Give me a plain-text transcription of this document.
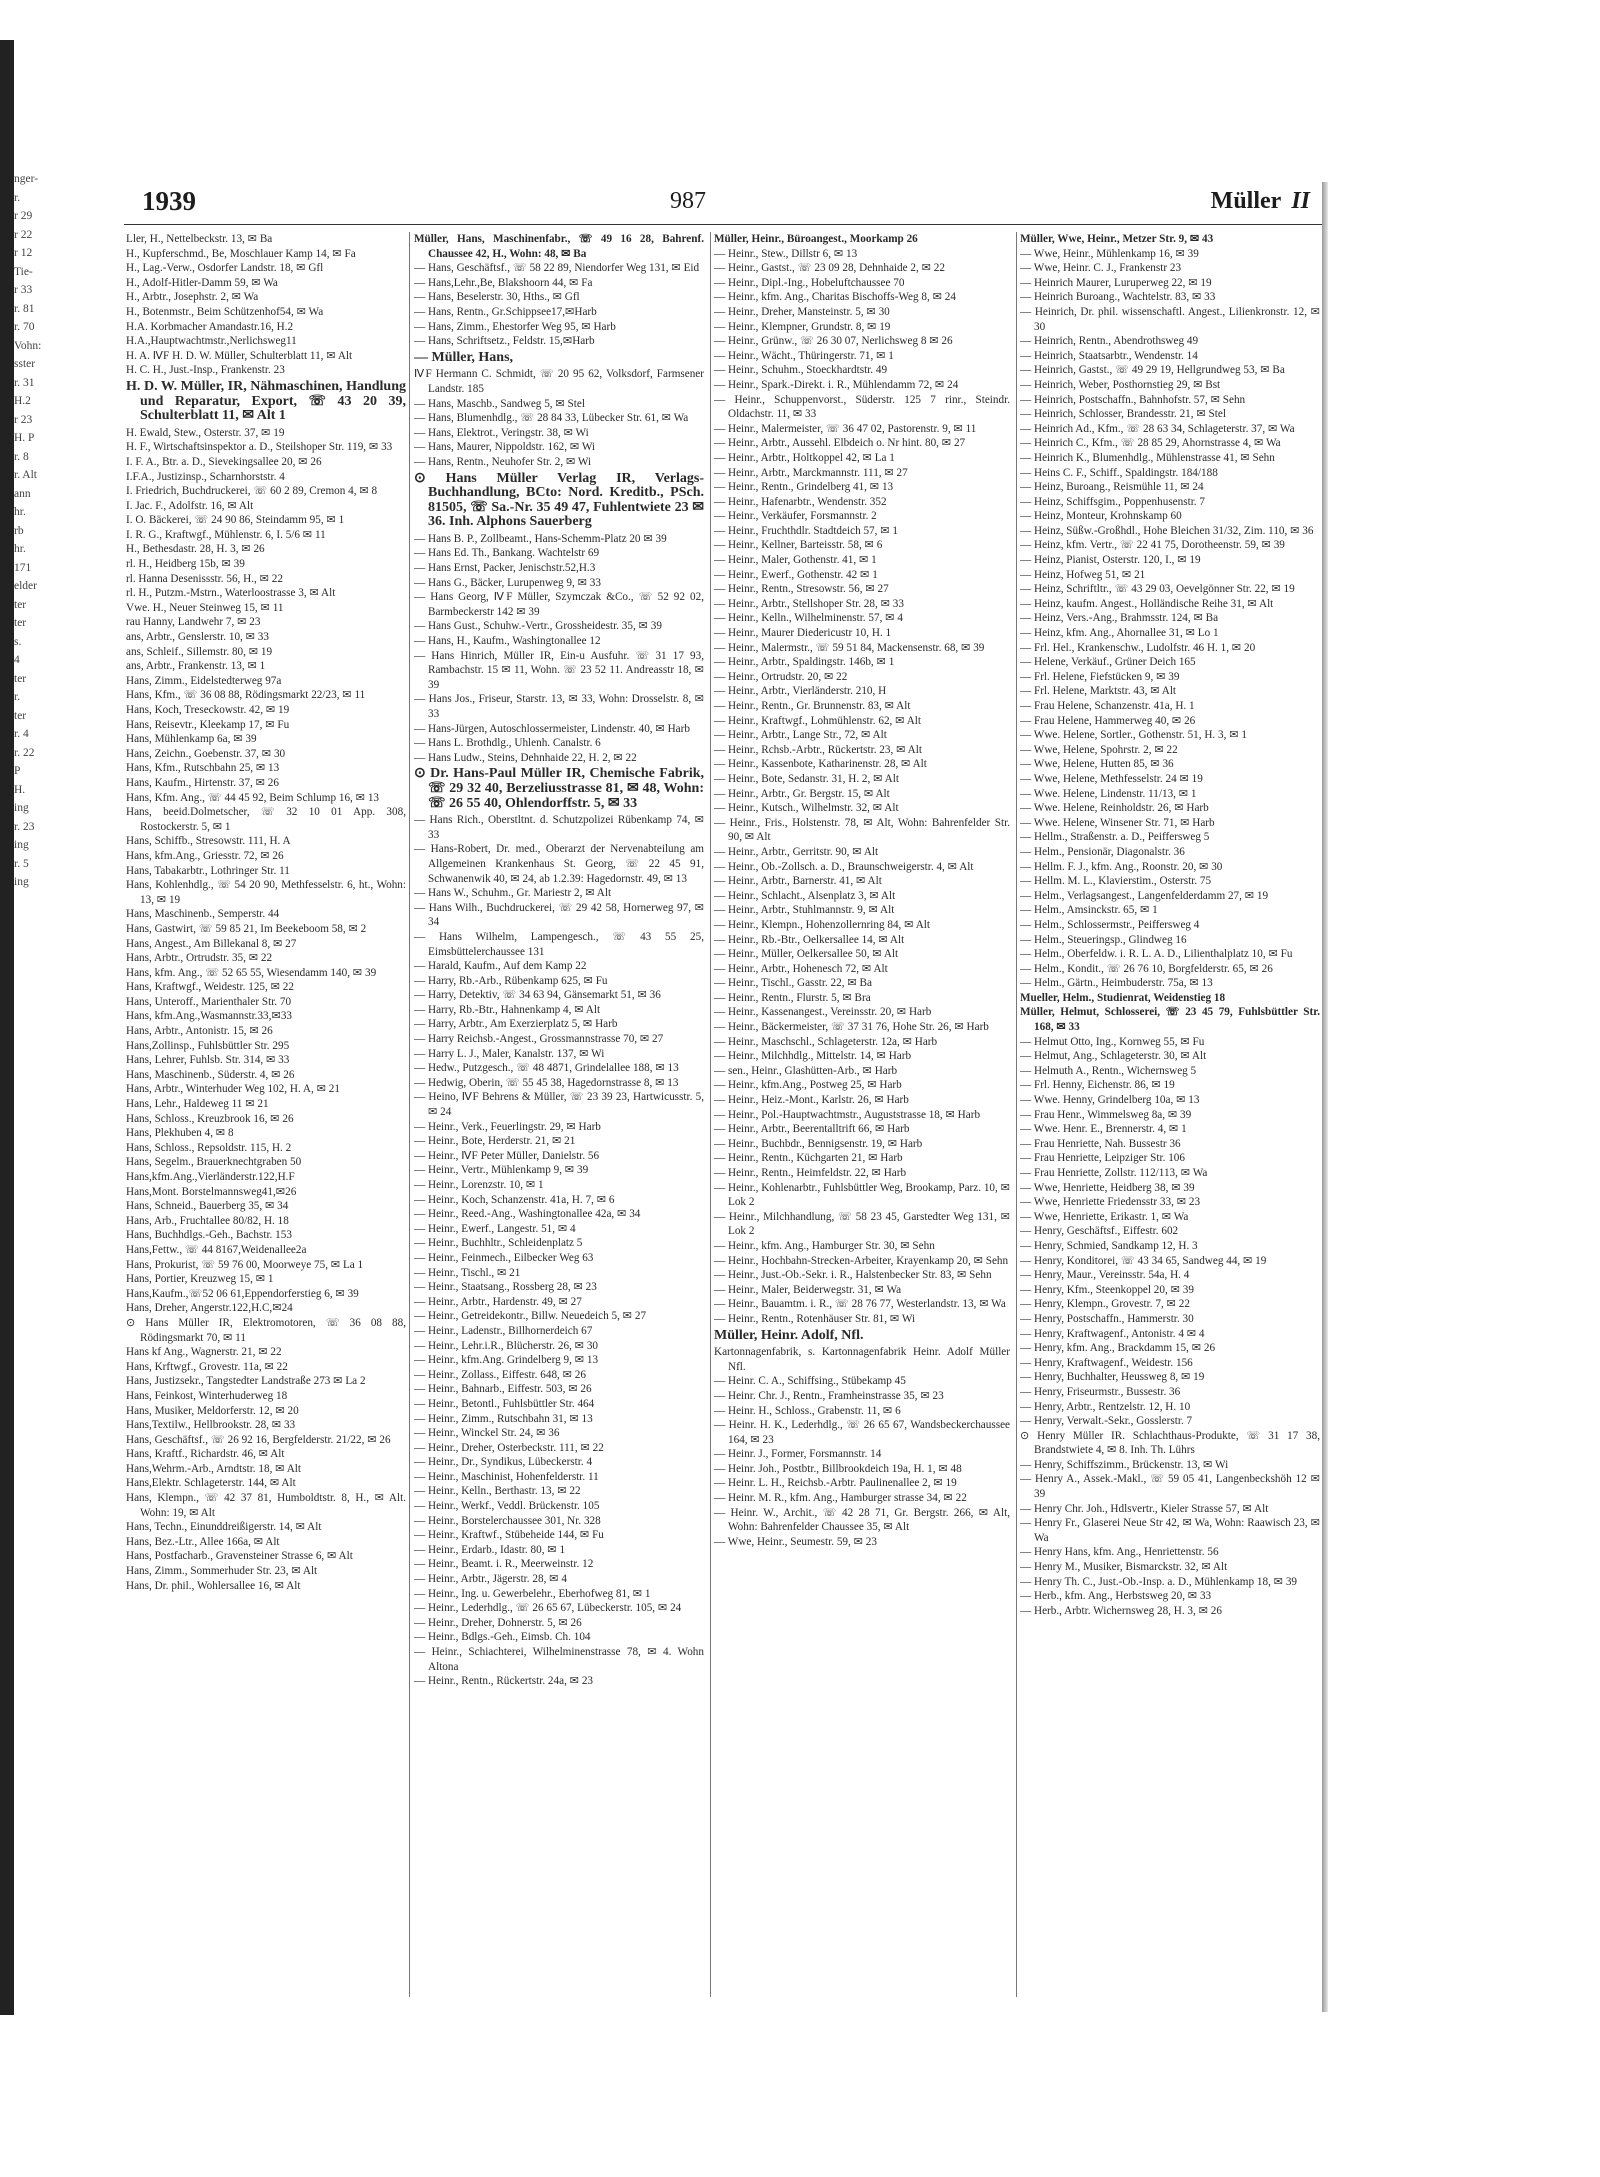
nger-
r.
r 29
r 22
r 12
Tie-
r 33
r. 81
r. 70
Vohn:
sster
r. 31
H.2
r 23
H. P
r. 8
r. Alt
ann
hr.
rb
hr.
171
elder
ter
ter
s.
4
ter
r.
ter
r. 4
r. 22
P
H.
ing
r. 23
ing
r. 5
ing
1939	987	Müller II
Ller, H., Nettelbeckstr. 13, ✉ Ba
H., Kupferschmd., Be, Moschlauer Kamp 14, ✉ Fa
H., Lag.-Verw., Osdorfer Landstr. 18, ✉ Gfl
H., Adolf-Hitler-Damm 59, ✉ Wa
H., Arbtr., Josephstr. 2, ✉ Wa
H., Botenmstr., Beim Schützenhof54, ✉ Wa
H.A. Korbmacher Amandastr.16, H.2
H.A.,Hauptwachtmstr.,Nerlichsweg11
H. A. ⅣF H. D. W. Müller, Schulterblatt 11, ✉ Alt
H. C. H., Just.-Insp., Frankenstr. 23
H. D. W. Müller, IR, Nähmaschinen, Handlung und Reparatur, Export, ☏ 43 20 39, Schulterblatt 11, ✉ Alt 1
H. Ewald, Stew., Osterstr. 37, ✉ 19
H. F., Wirtschaftsinspektor a. D., Steilshoper Str. 119, ✉ 33
I. F. A., Btr. a. D., Sievekingsallee 20, ✉ 26
I.F.A., Justizinsp., Scharnhorststr. 4
I. Friedrich, Buchdruckerei, ☏ 60 2 89, Cremon 4, ✉ 8
I. Jac. F., Adolfstr. 16, ✉ Alt
I. O. Bäckerei, ☏ 24 90 86, Steindamm 95, ✉ 1
I. R. G., Kraftwgf., Mühlenstr. 6, I. 5/6 ✉ 11
H., Bethesdastr. 28, H. 3, ✉ 26
rl. H., Heidberg 15b, ✉ 39
rl. Hanna Desenissstr. 56, H., ✉ 22
rl. H., Putzm.-Mstrn., Waterloostrasse 3, ✉ Alt
Vwe. H., Neuer Steinweg 15, ✉ 11
rau Hanny, Landwehr 7, ✉ 23
ans, Arbtr., Genslerstr. 10, ✉ 33
ans, Schleif., Sillemstr. 80, ✉ 19
ans, Arbtr., Frankenstr. 13, ✉ 1
Hans, Zimm., Eidelstedterweg 97a
Hans, Kfm., ☏ 36 08 88, Rödingsmarkt 22/23, ✉ 11
Hans, Koch, Treseckowstr. 42, ✉ 19
Hans, Reisevtr., Kleekamp 17, ✉ Fu
Hans, Mühlenkamp 6a, ✉ 39
Hans, Zeichn., Goebenstr. 37, ✉ 30
Hans, Kfm., Rutschbahn 25, ✉ 13
Hans, Kaufm., Hirtenstr. 37, ✉ 26
Hans, Kfm. Ang., ☏ 44 45 92, Beim Schlump 16, ✉ 13
Hans, beeid.Dolmetscher, ☏ 32 10 01 App. 308, Rostockerstr. 5, ✉ 1
Hans, Schiffb., Stresowstr. 111, H. A
Hans, kfm.Ang., Griesstr. 72, ✉ 26
Hans, Tabakarbtr., Lothringer Str. 11
Hans, Kohlenhdlg., ☏ 54 20 90, Methfesselstr. 6, ht., Wohn: 13, ✉ 19
Hans, Maschinenb., Semperstr. 44
Hans, Gastwirt, ☏ 59 85 21, Im Beekeboom 58, ✉ 2
Hans, Angest., Am Billekanal 8, ✉ 27
Hans, Arbtr., Ortrudstr. 35, ✉ 22
Hans, kfm. Ang., ☏ 52 65 55, Wiesendamm 140, ✉ 39
Hans, Kraftwgf., Weidestr. 125, ✉ 22
Hans, Unteroff., Marienthaler Str. 70
Hans, kfm.Ang.,Wasmannstr.33,✉33
Hans, Arbtr., Antonistr. 15, ✉ 26
Hans,Zollinsp., Fuhlsbüttler Str. 295
Hans, Lehrer, Fuhlsb. Str. 314, ✉ 33
Hans, Maschinenb., Süderstr. 4, ✉ 26
Hans, Arbtr., Winterhuder Weg 102, H. A, ✉ 21
Hans, Lehr., Haldeweg 11 ✉ 21
Hans, Schloss., Kreuzbrook 16, ✉ 26
Hans, Plekhuben 4, ✉ 8
Hans, Schloss., Repsoldstr. 115, H. 2
Hans, Segelm., Brauerknechtgraben 50
Hans,kfm.Ang.,Vierländerstr.122,H.F
Hans,Mont. Borstelmannsweg41,✉26
Hans, Schneid., Bauerberg 35, ✉ 34
Hans, Arb., Fruchtallee 80/82, H. 18
Hans, Buchhdlgs.-Geh., Bachstr. 153
Hans,Fettw., ☏ 44 8167,Weidenallee2a
Hans, Prokurist, ☏ 59 76 00, Moorweye 75, ✉ La 1
Hans, Portier, Kreuzweg 15, ✉ 1
Hans,Kaufm.,☏52 06 61,Eppendorferstieg 6, ✉ 39
Hans, Dreher, Angerstr.122,H.C,✉24
⊙ Hans Müller IR, Elektromotoren, ☏ 36 08 88, Rödingsmarkt 70, ✉ 11
Hans kf Ang., Wagnerstr. 21, ✉ 22
Hans, Krftwgf., Grovestr. 11a, ✉ 22
Hans, Justizsekr., Tangstedter Landstraße 273 ✉ La 2
Hans, Feinkost, Winterhuderweg 18
Hans, Musiker, Meldorferstr. 12, ✉ 20
Hans,Textilw., Hellbrookstr. 28, ✉ 33
Hans, Geschäftsf., ☏ 26 92 16, Bergfelderstr. 21/22, ✉ 26
Hans, Kraftf., Richardstr. 46, ✉ Alt
Hans,Wehrm.-Arb., Arndtstr. 18, ✉ Alt
Hans,Elektr. Schlageterstr. 144, ✉ Alt
Hans, Klempn., ☏ 42 37 81, Humboldtstr. 8, H., ✉ Alt. Wohn: 19, ✉ Alt
Hans, Techn., Einunddreißigerstr. 14, ✉ Alt
Hans, Bez.-Ltr., Allee 166a, ✉ Alt
Hans, Postfacharb., Gravensteiner Strasse 6, ✉ Alt
Hans, Zimm., Sommerhuder Str. 23, ✉ Alt
Hans, Dr. phil., Wohlersallee 16, ✉ Alt
Müller, Hans, Maschinenfabr., ☏ 49 16 28, Bahrenf. Chaussee 42, H., Wohn: 48, ✉ Ba
— Hans, Geschäftsf., ☏ 58 22 89, Niendorfer Weg 131, ✉ Eid
— Hans,Lehr.,Be, Blakshoorn 44, ✉ Fa
— Hans, Beselerstr. 30, Hths., ✉ Gfl
— Hans, Rentn., Gr.Schippsee17,✉Harb
— Hans, Zimm., Ehestorfer Weg 95, ✉ Harb
— Hans, Schriftsetz., Feldstr. 15,✉Harb
— Müller, Hans,
ⅣF Hermann C. Schmidt, ☏ 20 95 62, Volksdorf, Farmsener Landstr. 185
— Hans, Maschb., Sandweg 5, ✉ Stel
— Hans, Blumenhdlg., ☏ 28 84 33, Lübecker Str. 61, ✉ Wa
— Hans, Elektrot., Veringstr. 38, ✉ Wi
— Hans, Maurer, Nippoldstr. 162, ✉ Wi
— Hans, Rentn., Neuhofer Str. 2, ✉ Wi
⊙ Hans Müller Verlag IR, Verlags-Buchhandlung, BCto: Nord. Kreditb., PSch. 81505, ☏ Sa.-Nr. 35 49 47, Fuhlentwiete 23 ✉ 36. Inh. Alphons Sauerberg
— Hans B. P., Zollbeamt., Hans-Schemm-Platz 20 ✉ 39
— Hans Ed. Th., Bankang. Wachtelstr 69
— Hans Ernst, Packer, Jenischstr.52,H.3
— Hans G., Bäcker, Lurupenweg 9, ✉ 33
— Hans Georg, ⅣF Müller, Szymczak &Co., ☏ 52 92 02, Barmbeckerstr 142 ✉ 39
— Hans Gust., Schuhw.-Vertr., Grossheidestr. 35, ✉ 39
— Hans, H., Kaufm., Washingtonallee 12
— Hans Hinrich, Müller IR, Ein-u Ausfuhr. ☏ 31 17 93, Rambachstr. 15 ✉ 11, Wohn. ☏ 23 52 11. Andreasstr 18, ✉ 39
— Hans Jos., Friseur, Starstr. 13, ✉ 33, Wohn: Drosselstr. 8, ✉ 33
— Hans-Jürgen, Autoschlossermeister, Lindenstr. 40, ✉ Harb
— Hans L. Brothdlg., Uhlenh. Canalstr. 6
— Hans Ludw., Steins, Dehnhaide 22, H. 2, ✉ 22
⊙ Dr. Hans-Paul Müller IR, Chemische Fabrik, ☏ 29 32 40, Berzeliusstrasse 81, ✉ 48, Wohn: ☏ 26 55 40, Ohlendorffstr. 5, ✉ 33
— Hans Rich., Oberstltnt. d. Schutzpolizei Rübenkamp 74, ✉ 33
— Hans-Robert, Dr. med., Oberarzt der Nervenabteilung am Allgemeinen Krankenhaus St. Georg, ☏ 22 45 91, Schwanenwik 40, ✉ 24, ab 1.2.39: Hagedornstr. 49, ✉ 13
— Hans W., Schuhm., Gr. Mariestr 2, ✉ Alt
— Hans Wilh., Buchdruckerei, ☏ 29 42 58, Hornerweg 97, ✉ 34
— Hans Wilhelm, Lampengesch., ☏ 43 55 25, Eimsbüttelerchaussee 131
— Harald, Kaufm., Auf dem Kamp 22
— Harry, Rb.-Arb., Rübenkamp 625, ✉ Fu
— Harry, Detektiv, ☏ 34 63 94, Gänsemarkt 51, ✉ 36
— Harry, Rb.-Btr., Hahnenkamp 4, ✉ Alt
— Harry, Arbtr., Am Exerzierplatz 5, ✉ Harb
— Harry Reichsb.-Angest., Grossmannstrasse 70, ✉ 27
— Harry L. J., Maler, Kanalstr. 137, ✉ Wi
— Hedw., Putzgesch., ☏ 48 4871, Grindelallee 188, ✉ 13
— Hedwig, Oberin, ☏ 55 45 38, Hagedornstrasse 8, ✉ 13
— Heino, ⅣF Behrens & Müller, ☏ 23 39 23, Hartwicusstr. 5, ✉ 24
— Heinr., Verk., Feuerlingstr. 29, ✉ Harb
— Heinr., Bote, Herderstr. 21, ✉ 21
— Heinr., ⅣF Peter Müller, Danielstr. 56
— Heinr., Vertr., Mühlenkamp 9, ✉ 39
— Heinr., Lorenzstr. 10, ✉ 1
— Heinr., Koch, Schanzenstr. 41a, H. 7, ✉ 6
— Heinr., Reed.-Ang., Washingtonallee 42a, ✉ 34
— Heinr., Ewerf., Langestr. 51, ✉ 4
— Heinr., Buchhltr., Schleidenplatz 5
— Heinr., Feinmech., Eilbecker Weg 63
— Heinr., Tischl., ✉ 21
— Heinr., Staatsang., Rossberg 28, ✉ 23
— Heinr., Arbtr., Hardenstr. 49, ✉ 27
— Heinr., Getreidekontr., Billw. Neuedeich 5, ✉ 27
— Heinr., Ladenstr., Billhornerdeich 67
— Heinr., Lehr.i.R., Blücherstr. 26, ✉ 30
— Heinr., kfm.Ang. Grindelberg 9, ✉ 13
— Heinr., Zollass., Eiffestr. 648, ✉ 26
— Heinr., Bahnarb., Eiffestr. 503, ✉ 26
— Heinr., Betontl., Fuhlsbüttler Str. 464
— Heinr., Zimm., Rutschbahn 31, ✉ 13
— Heinr., Winckel Str. 24, ✉ 36
— Heinr., Dreher, Osterbeckstr. 111, ✉ 22
— Heinr., Dr., Syndikus, Lübeckerstr. 4
— Heinr., Maschinist, Hohenfelderstr. 11
— Heinr., Kelln., Berthastr. 13, ✉ 22
— Heinr., Werkf., Veddl. Brückenstr. 105
— Heinr., Borstelerchaussee 301, Nr. 328
— Heinr., Kraftwf., Stübeheide 144, ✉ Fu
— Heinr., Erdarb., Idastr. 80, ✉ 1
— Heinr., Beamt. i. R., Meerweinstr. 12
— Heinr., Arbtr., Jägerstr. 28, ✉ 4
— Heinr., Ing. u. Gewerbelehr., Eberhofweg 81, ✉ 1
— Heinr., Lederhdlg., ☏ 26 65 67, Lübeckerstr. 105, ✉ 24
— Heinr., Dreher, Dohnerstr. 5, ✉ 26
— Heinr., Bdlgs.-Geh., Eimsb. Ch. 104
— Heinr., Schiachterei, Wilhelminenstrasse 78, ✉ 4. Wohn Altona
— Heinr., Rentn., Rückertstr. 24a, ✉ 23
Müller, Heinr., Büroangest., Moorkamp 26
— Heinr., Stew., Dillstr 6, ✉ 13
— Heinr., Gastst., ☏ 23 09 28, Dehnhaide 2, ✉ 22
— Heinr., Dipl.-Ing., Hobeluftchaussee 70
— Heinr., kfm. Ang., Charitas Bischoffs-Weg 8, ✉ 24
— Heinr., Dreher, Mansteinstr. 5, ✉ 30
— Heinr., Klempner, Grundstr. 8, ✉ 19
— Heinr., Grünw., ☏ 26 30 07, Nerlichsweg 8 ✉ 26
— Heinr., Wächt., Thüringerstr. 71, ✉ 1
— Heinr., Schuhm., Stoeckhardtstr. 49
— Heinr., Spark.-Direkt. i. R., Mühlendamm 72, ✉ 24
— Heinr., Schuppenvorst., Süderstr. 125 7 rinr., Steindr. Oldachstr. 11, ✉ 33
— Heinr., Malermeister, ☏ 36 47 02, Pastorenstr. 9, ✉ 11
— Heinr., Arbtr., Aussehl. Elbdeich o. Nr hint. 80, ✉ 27
— Heinr., Arbtr., Holtkoppel 42, ✉ La 1
— Heinr., Arbtr., Marckmannstr. 111, ✉ 27
— Heinr., Rentn., Grindelberg 41, ✉ 13
— Heinr., Hafenarbtr., Wendenstr. 352
— Heinr., Verkäufer, Forsmannstr. 2
— Heinr., Fruchthdlr. Stadtdeich 57, ✉ 1
— Heinr., Kellner, Barteisstr. 58, ✉ 6
— Heinr., Maler, Gothenstr. 41, ✉ 1
— Heinr., Ewerf., Gothenstr. 42 ✉ 1
— Heinr., Rentn., Stresowstr. 56, ✉ 27
— Heinr., Arbtr., Stellshoper Str. 28, ✉ 33
— Heinr., Kelln., Wilhelminenstr. 57, ✉ 4
— Heinr., Maurer Diedericustr 10, H. 1
— Heinr., Malermstr., ☏ 59 51 84, Mackensenstr. 68, ✉ 39
— Heinr., Arbtr., Spaldingstr. 146b, ✉ 1
— Heinr., Ortrudstr. 20, ✉ 22
— Heinr., Arbtr., Vierländerstr. 210, H
— Heinr., Rentn., Gr. Brunnenstr. 83, ✉ Alt
— Heinr., Kraftwgf., Lohmühlenstr. 62, ✉ Alt
— Heinr., Arbtr., Lange Str., 72, ✉ Alt
— Heinr., Rchsb.-Arbtr., Rückertstr. 23, ✉ Alt
— Heinr., Kassenbote, Katharinenstr. 28, ✉ Alt
— Heinr., Bote, Sedanstr. 31, H. 2, ✉ Alt
— Heinr., Arbtr., Gr. Bergstr. 15, ✉ Alt
— Heinr., Kutsch., Wilhelmstr. 32, ✉ Alt
— Heinr., Fris., Holstenstr. 78, ✉ Alt, Wohn: Bahrenfelder Str. 90, ✉ Alt
— Heinr., Arbtr., Gerritstr. 90, ✉ Alt
— Heinr., Ob.-Zollsch. a. D., Braunschweigerstr. 4, ✉ Alt
— Heinr., Arbtr., Barnerstr. 41, ✉ Alt
— Heinr., Schlacht., Alsenplatz 3, ✉ Alt
— Heinr., Arbtr., Stuhlmannstr. 9, ✉ Alt
— Heinr., Klempn., Hohenzollernring 84, ✉ Alt
— Heinr., Rb.-Btr., Oelkersallee 14, ✉ Alt
— Heinr., Müller, Oelkersallee 50, ✉ Alt
— Heinr., Arbtr., Hohenesch 72, ✉ Alt
— Heinr., Tischl., Gasstr. 22, ✉ Ba
— Heinr., Rentn., Flurstr. 5, ✉ Bra
— Heinr., Kassenangest., Vereinsstr. 20, ✉ Harb
— Heinr., Bäckermeister, ☏ 37 31 76, Hohe Str. 26, ✉ Harb
— Heinr., Maschschl., Schlageterstr. 12a, ✉ Harb
— Heinr., Milchhdlg., Mittelstr. 14, ✉ Harb
— sen., Heinr., Glashütten-Arb., ✉ Harb
— Heinr., kfm.Ang., Postweg 25, ✉ Harb
— Heinr., Heiz.-Mont., Karlstr. 26, ✉ Harb
— Heinr., Pol.-Hauptwachtmstr., Auguststrasse 18, ✉ Harb
— Heinr., Arbtr., Beerentalltrift 66, ✉ Harb
— Heinr., Buchbdr., Bennigsenstr. 19, ✉ Harb
— Heinr., Rentn., Küchgarten 21, ✉ Harb
— Heinr., Rentn., Heimfeldstr. 22, ✉ Harb
— Heinr., Kohlenarbtr., Fuhlsbüttler Weg, Brookamp, Parz. 10, ✉ Lok 2
— Heinr., Milchhandlung, ☏ 58 23 45, Garstedter Weg 131, ✉ Lok 2
— Heinr., kfm. Ang., Hamburger Str. 30, ✉ Sehn
— Heinr., Hochbahn-Strecken-Arbeiter, Krayenkamp 20, ✉ Sehn
— Heinr., Just.-Ob.-Sekr. i. R., Halstenbecker Str. 83, ✉ Sehn
— Heinr., Maler, Beiderwegstr. 31, ✉ Wa
— Heinr., Bauamtm. i. R., ☏ 28 76 77, Westerlandstr. 13, ✉ Wa
— Heinr., Rentn., Rotenhäuser Str. 81, ✉ Wi
Müller, Heinr. Adolf, Nfl.
Kartonnagenfabrik, s. Kartonnagenfabrik Heinr. Adolf Müller Nfl.
— Heinr. C. A., Schiffsing., Stübekamp 45
— Heinr. Chr. J., Rentn., Framheinstrasse 35, ✉ 23
— Heinr. H., Schloss., Grabenstr. 11, ✉ 6
— Heinr. H. K., Lederhdlg., ☏ 26 65 67, Wandsbeckerchaussee 164, ✉ 23
— Heinr. J., Former, Forsmannstr. 14
— Heinr. Joh., Postbtr., Billbrookdeich 19a, H. 1, ✉ 48
— Heinr. L. H., Reichsb.-Arbtr. Paulinenallee 2, ✉ 19
— Heinr. M. R., kfm. Ang., Hamburger strasse 34, ✉ 22
— Heinr. W., Archit., ☏ 42 28 71, Gr. Bergstr. 266, ✉ Alt, Wohn: Bahrenfelder Chaussee 35, ✉ Alt
— Wwe, Heinr., Seumestr. 59, ✉ 23
Müller, Wwe, Heinr., Metzer Str. 9, ✉ 43
— Wwe, Heinr., Mühlenkamp 16, ✉ 39
— Wwe, Heinr. C. J., Frankenstr 23
— Heinrich Maurer, Luruperweg 22, ✉ 19
— Heinrich Buroang., Wachtelstr. 83, ✉ 33
— Heinrich, Dr. phil. wissenschaftl. Angest., Lilienkronstr. 12, ✉ 30
— Heinrich, Rentn., Abendrothsweg 49
— Heinrich, Staatsarbtr., Wendenstr. 14
— Heinrich, Gastst., ☏ 49 29 19, Hellgrundweg 53, ✉ Ba
— Heinrich, Weber, Posthornstieg 29, ✉ Bst
— Heinrich, Postschaffn., Bahnhofstr. 57, ✉ Sehn
— Heinrich, Schlosser, Brandesstr. 21, ✉ Stel
— Heinrich Ad., Kfm., ☏ 28 63 34, Schlageterstr. 37, ✉ Wa
— Heinrich C., Kfm., ☏ 28 85 29, Ahornstrasse 4, ✉ Wa
— Heinrich K., Blumenhdlg., Mühlenstrasse 41, ✉ Sehn
— Heins C. F., Schiff., Spaldingstr. 184/188
— Heinz, Buroang., Reismühle 11, ✉ 24
— Heinz, Schiffsgim., Poppenhusenstr. 7
— Heinz, Monteur, Krohnskamp 60
— Heinz, Süßw.-Großhdl., Hohe Bleichen 31/32, Zim. 110, ✉ 36
— Heinz, kfm. Vertr., ☏ 22 41 75, Dorotheenstr. 59, ✉ 39
— Heinz, Pianist, Osterstr. 120, I., ✉ 19
— Heinz, Hofweg 51, ✉ 21
— Heinz, Schriftltr., ☏ 43 29 03, Oevelgönner Str. 22, ✉ 19
— Heinz, kaufm. Angest., Holländische Reihe 31, ✉ Alt
— Heinz, Vers.-Ang., Brahmsstr. 124, ✉ Ba
— Heinz, kfm. Ang., Ahornallee 31, ✉ Lo 1
— Frl. Hel., Krankenschw., Ludolfstr. 46 H. 1, ✉ 20
— Helene, Verkäuf., Grüner Deich 165
— Frl. Helene, Fiefstücken 9, ✉ 39
— Frl. Helene, Marktstr. 43, ✉ Alt
— Frau Helene, Schanzenstr. 41a, H. 1
— Frau Helene, Hammerweg 40, ✉ 26
— Wwe. Helene, Sortler., Gothenstr. 51, H. 3, ✉ 1
— Wwe, Helene, Spohrstr. 2, ✉ 22
— Wwe, Helene, Hutten 85, ✉ 36
— Wwe, Helene, Methfesselstr. 24 ✉ 19
— Wwe. Helene, Lindenstr. 11/13, ✉ 1
— Wwe. Helene, Reinholdstr. 26, ✉ Harb
— Wwe. Helene, Winsener Str. 71, ✉ Harb
— Hellm., Straßenstr. a. D., Peiffersweg 5
— Helm., Pensionär, Diagonalstr. 36
— Hellm. F. J., kfm. Ang., Roonstr. 20, ✉ 30
— Hellm. M. L., Klavierstim., Osterstr. 75
— Helm., Verlagsangest., Langenfelderdamm 27, ✉ 19
— Helm., Amsinckstr. 65, ✉ 1
— Helm., Schlossermstr., Peiffersweg 4
— Helm., Steueringsp., Glindweg 16
— Helm., Oberfeldw. i. R. L. A. D., Lilienthalplatz 10, ✉ Fu
— Helm., Kondit., ☏ 26 76 10, Borgfelderstr. 65, ✉ 26
— Helm., Gärtn., Heimbuderstr. 75a, ✉ 13
Mueller, Helm., Studienrat, Weidenstieg 18
Müller, Helmut, Schlosserei, ☏ 23 45 79, Fuhlsbüttler Str. 168, ✉ 33
— Helmut Otto, Ing., Kornweg 55, ✉ Fu
— Helmut, Ang., Schlageterstr. 30, ✉ Alt
— Helmuth A., Rentn., Wichernsweg 5
— Frl. Henny, Eichenstr. 86, ✉ 19
— Wwe. Henny, Grindelberg 10a, ✉ 13
— Frau Henr., Wimmelsweg 8a, ✉ 39
— Wwe. Henr. E., Brennerstr. 4, ✉ 1
— Frau Henriette, Nah. Bussestr 36
— Frau Henriette, Leipziger Str. 106
— Frau Henriette, Zollstr. 112/113, ✉ Wa
— Wwe, Henriette, Heidberg 38, ✉ 39
— Wwe, Henriette Friedensstr 33, ✉ 23
— Wwe, Henriette, Erikastr. 1, ✉ Wa
— Henry, Geschäftsf., Eiffestr. 602
— Henry, Schmied, Sandkamp 12, H. 3
— Henry, Konditorei, ☏ 43 34 65, Sandweg 44, ✉ 19
— Henry, Maur., Vereinsstr. 54a, H. 4
— Henry, Kfm., Steenkoppel 20, ✉ 39
— Henry, Klempn., Grovestr. 7, ✉ 22
— Henry, Postschaffn., Hammerstr. 30
— Henry, Kraftwagenf., Antonistr. 4 ✉ 4
— Henry, kfm. Ang., Brackdamm 15, ✉ 26
— Henry, Kraftwagenf., Weidestr. 156
— Henry, Buchhalter, Heussweg 8, ✉ 19
— Henry, Friseurmstr., Bussestr. 36
— Henry, Arbtr., Rentzelstr. 12, H. 10
— Henry, Verwalt.-Sekr., Gosslerstr. 7
⊙ Henry Müller IR. Schlachthaus-Produkte, ☏ 31 17 38, Brandstwiete 4, ✉ 8. Inh. Th. Lührs
— Henry, Schiffszimm., Brückenstr. 13, ✉ Wi
— Henry A., Assek.-Makl., ☏ 59 05 41, Langenbeckshöh 12 ✉ 39
— Henry Chr. Joh., Hdlsvertr., Kieler Strasse 57, ✉ Alt
— Henry Fr., Glaserei Neue Str 42, ✉ Wa, Wohn: Raawisch 23, ✉ Wa
— Henry Hans, kfm. Ang., Henriettenstr. 56
— Henry M., Musiker, Bismarckstr. 32, ✉ Alt
— Henry Th. C., Just.-Ob.-Insp. a. D., Mühlenkamp 18, ✉ 39
— Herb., kfm. Ang., Herbstsweg 20, ✉ 33
— Herb., Arbtr. Wichernsweg 28, H. 3, ✉ 26
